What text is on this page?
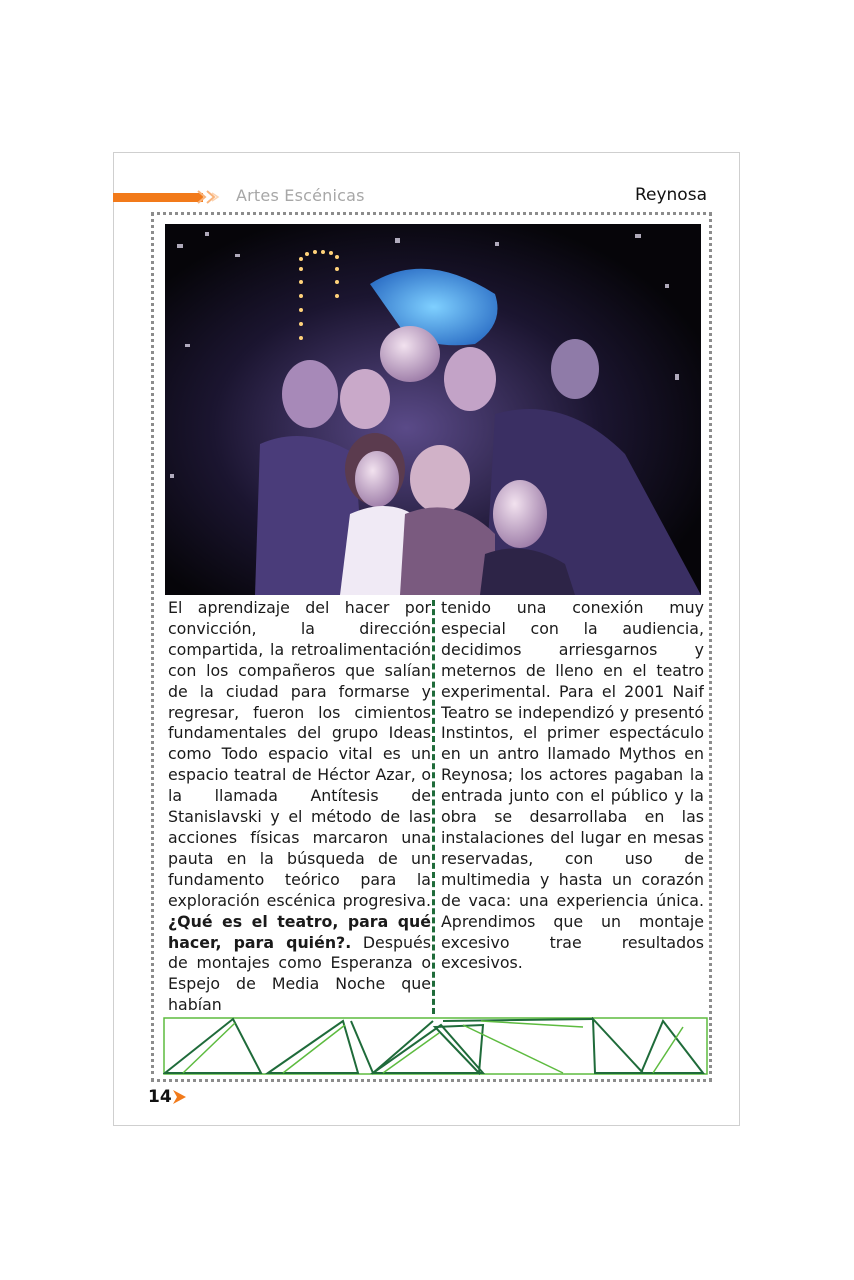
Artes Escénicas	Reynosa

El aprendizaje del hacer por convicción, la dirección compartida, la retroalimentación con los compañeros que salían de la ciudad para formarse y regresar, fueron los cimientos fundamentales del grupo Ideas como Todo espacio vital es un espacio teatral de Héctor Azar, o la llamada Antítesis de Stanislavski y el método de las acciones físicas marcaron una pauta en la búsqueda de un fundamento teórico para la exploración escénica progresiva. ¿Qué es el teatro, para qué hacer, para quién?. Después de montajes como Esperanza o Espejo de Media Noche que habían

tenido una conexión muy especial con la audiencia, decidimos arriesgarnos y meternos de lleno en el teatro experimental. Para el 2001 Naif Teatro se independizó y presentó Instintos, el primer espectáculo en un antro llamado Mythos en Reynosa; los actores pagaban la entrada junto con el público y la obra se desarrollaba en las instalaciones del lugar en mesas reservadas, con uso de multimedia y hasta un corazón de vaca: una experiencia única. Aprendimos que un montaje excesivo trae resultados excesivos.

14
